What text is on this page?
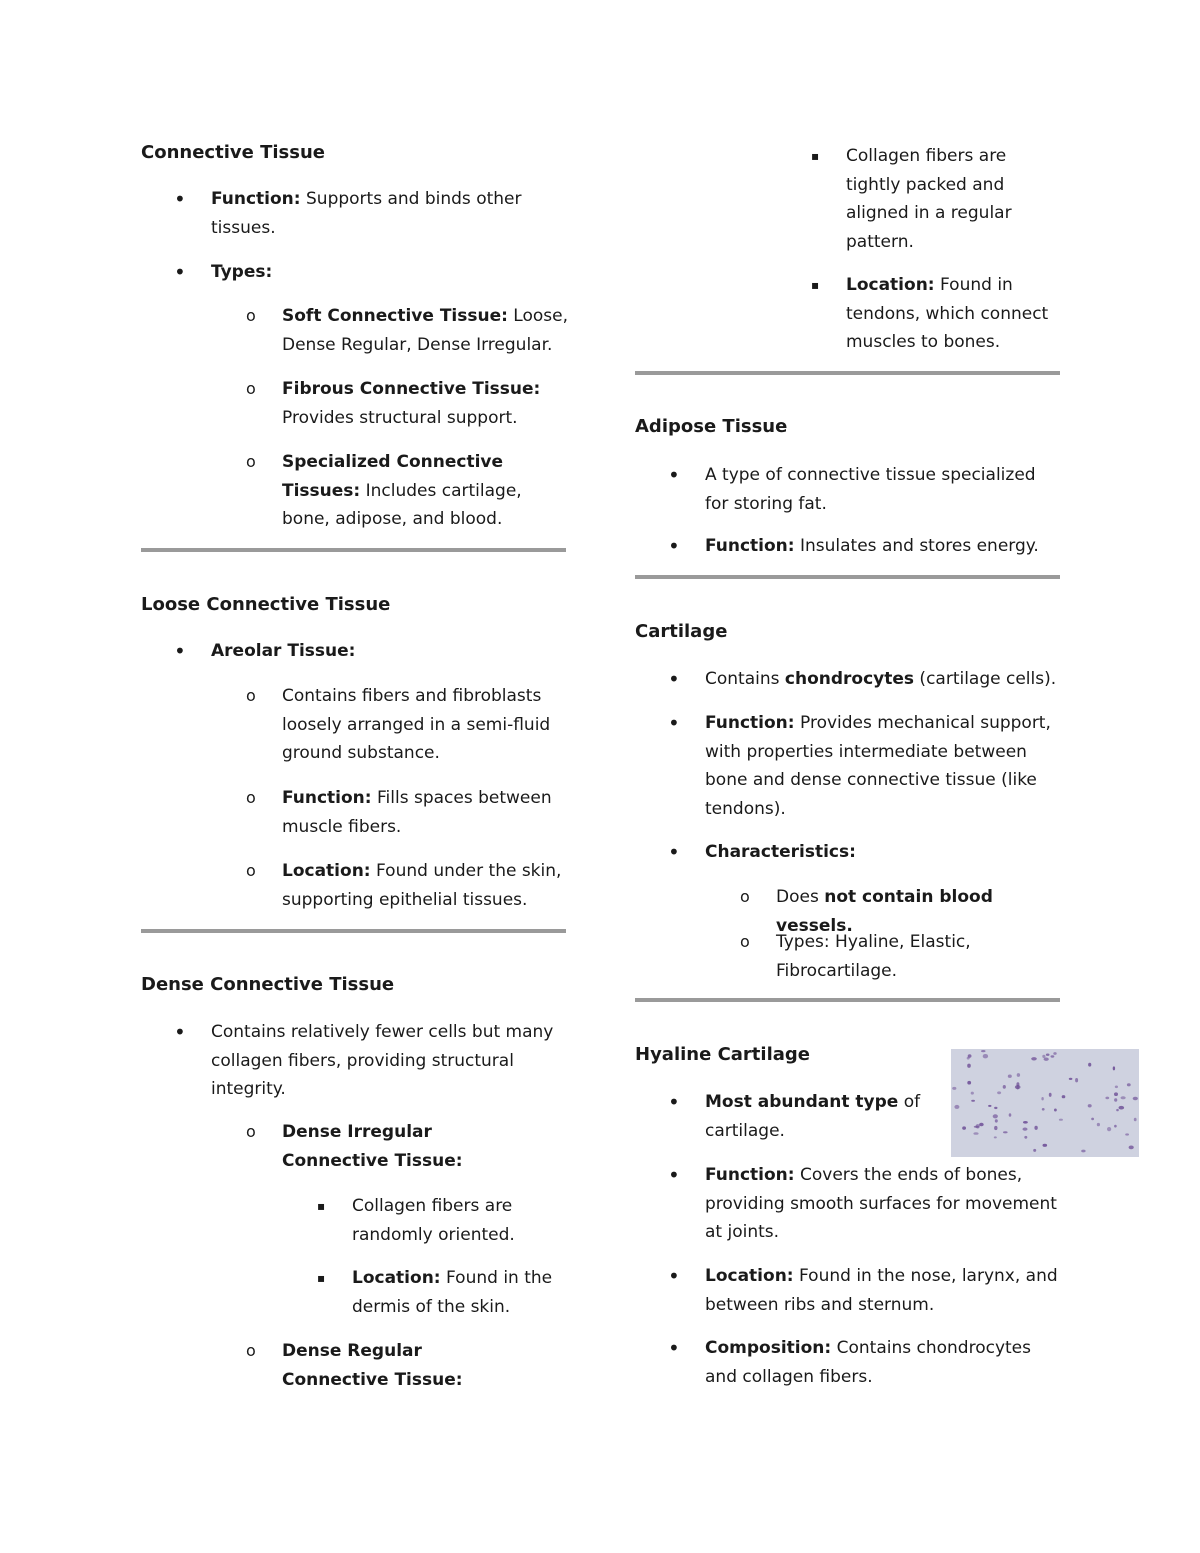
Connective Tissue
• Function: Supports and binds other tissues.
• Types:
o Soft Connective Tissue: Loose, Dense Regular, Dense Irregular.
o Fibrous Connective Tissue: Provides structural support.
o Specialized Connective Tissues: Includes cartilage, bone, adipose, and blood.
Loose Connective Tissue
• Areolar Tissue:
o Contains fibers and fibroblasts loosely arranged in a semi-fluid ground substance.
o Function: Fills spaces between muscle fibers.
o Location: Found under the skin, supporting epithelial tissues.
Dense Connective Tissue
• Contains relatively fewer cells but many collagen fibers, providing structural integrity.
o Dense Irregular Connective Tissue:
▪ Collagen fibers are randomly oriented.
▪ Location: Found in the dermis of the skin.
o Dense Regular Connective Tissue:
▪ Collagen fibers are tightly packed and aligned in a regular pattern.
▪ Location: Found in tendons, which connect muscles to bones.
Adipose Tissue
• A type of connective tissue specialized for storing fat.
• Function: Insulates and stores energy.
Cartilage
• Contains chondrocytes (cartilage cells).
• Function: Provides mechanical support, with properties intermediate between bone and dense connective tissue (like tendons).
• Characteristics:
o Does not contain blood vessels.
o Types: Hyaline, Elastic, Fibrocartilage.
Hyaline Cartilage
• Most abundant type of cartilage.
• Function: Covers the ends of bones, providing smooth surfaces for movement at joints.
• Location: Found in the nose, larynx, and between ribs and sternum.
• Composition: Contains chondrocytes and collagen fibers.
